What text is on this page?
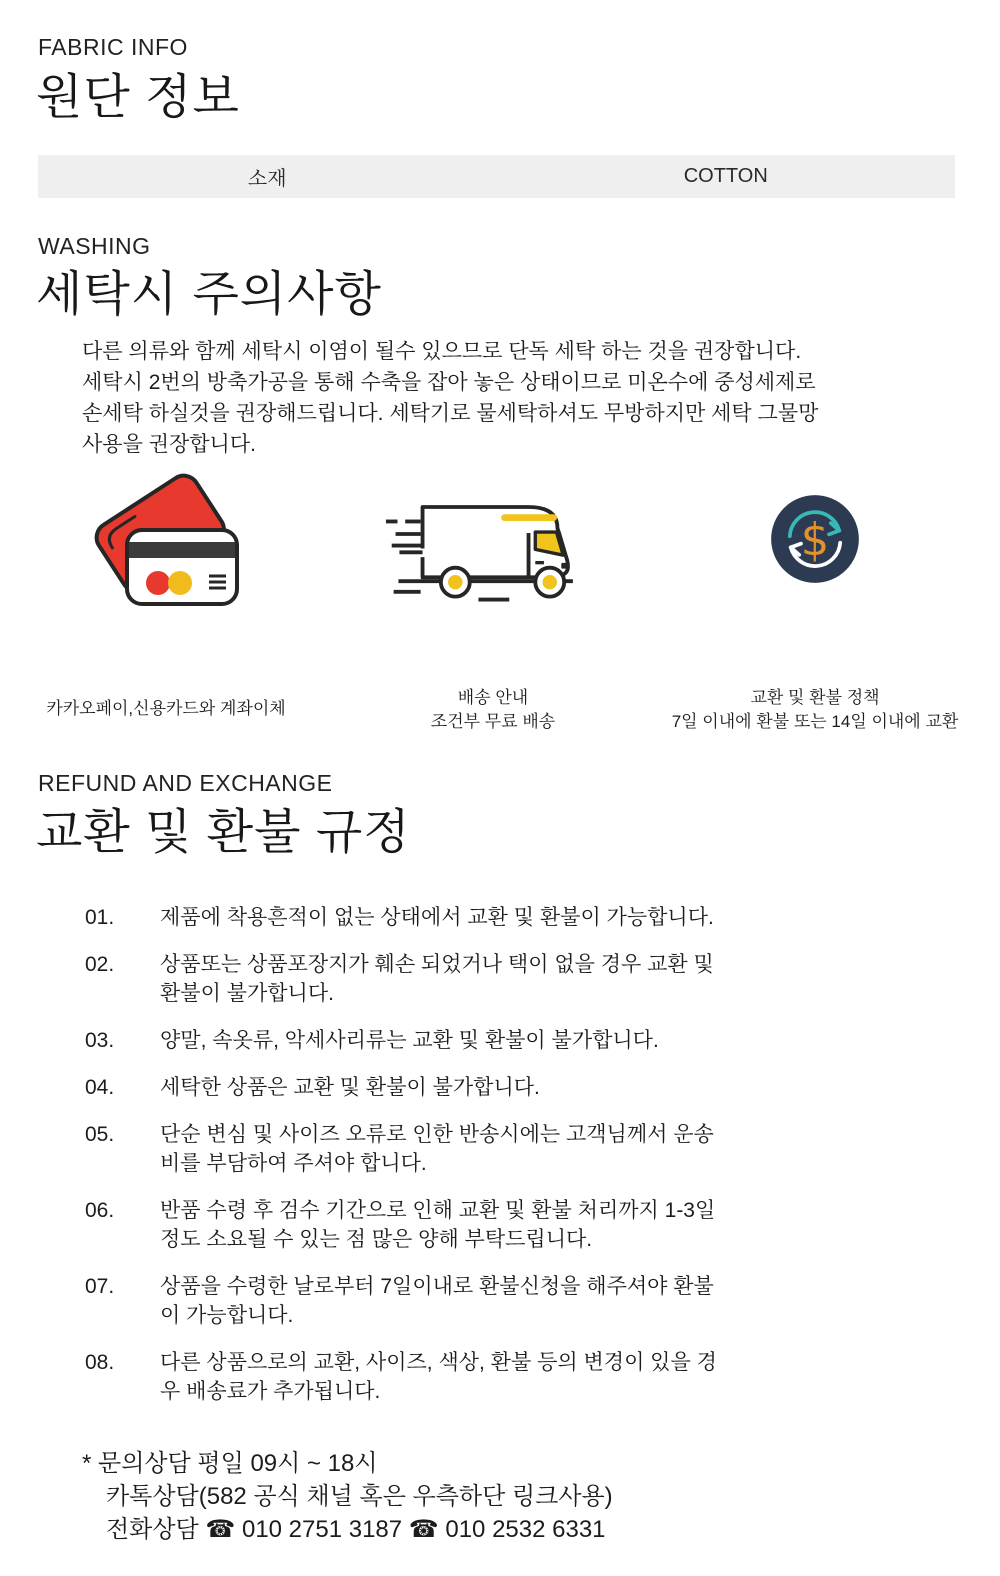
FABRIC INFO
원단 정보
소재	COTTON
WASHING
세탁시 주의사항
다른 의류와 함께 세탁시 이염이 될수 있으므로 단독 세탁 하는 것을 권장합니다.
세탁시 2번의 방축가공을 통해 수축을 잡아 놓은 상태이므로 미온수에 중성세제로
손세탁 하실것을 권장해드립니다. 세탁기로 물세탁하셔도 무방하지만 세탁 그물망
사용을 권장합니다.
$
카카오페이,신용카드와 계좌이체
배송 안내
조건부 무료 배송
교환 및 환불 정책
7일 이내에 환불 또는 14일 이내에 교환
REFUND AND EXCHANGE
교환 및 환불 규정
01.	제품에 착용흔적이 없는 상태에서 교환 및 환불이 가능합니다.
02.	상품또는 상품포장지가 훼손 되었거나 택이 없을 경우 교환 및 환불이 불가합니다.
03.	양말, 속옷류, 악세사리류는 교환 및 환불이 불가합니다.
04.	세탁한 상품은 교환 및 환불이 불가합니다.
05.	단순 변심 및 사이즈 오류로 인한 반송시에는 고객님께서 운송 비를 부담하여 주셔야 합니다.
06.	반품 수령 후 검수 기간으로 인해 교환 및 환불 처리까지 1-3일 정도 소요될 수 있는 점 많은 양해 부탁드립니다.
07.	상품을 수령한 날로부터 7일이내로 환불신청을 해주셔야 환불 이 가능합니다.
08.	다른 상품으로의 교환, 사이즈, 색상, 환불 등의 변경이 있을 경우 배송료가 추가됩니다.
* 문의상담 평일 09시 ~ 18시
카톡상담(582 공식 채널 혹은 우측하단 링크사용)
전화상담 ☎ 010 2751 3187 ☎ 010 2532 6331
